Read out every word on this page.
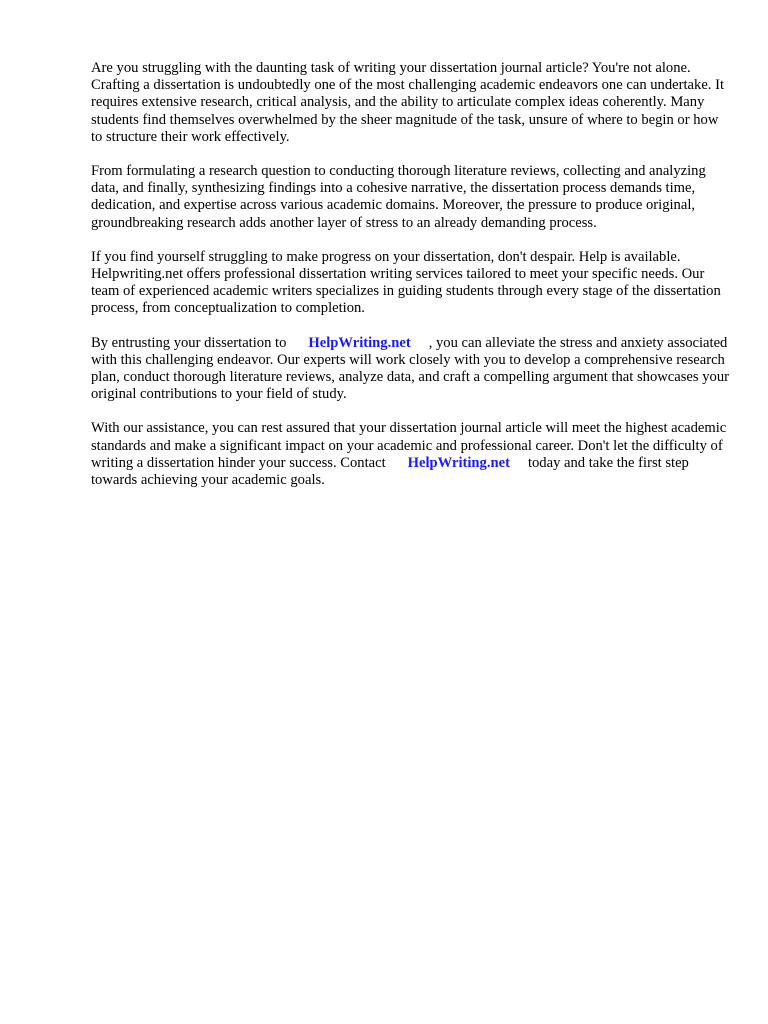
Are you struggling with the daunting task of writing your dissertation journal article? You're not alone. Crafting a dissertation is undoubtedly one of the most challenging academic endeavors one can undertake. It requires extensive research, critical analysis, and the ability to articulate complex ideas coherently. Many students find themselves overwhelmed by the sheer magnitude of the task, unsure of where to begin or how to structure their work effectively.

From formulating a research question to conducting thorough literature reviews, collecting and analyzing data, and finally, synthesizing findings into a cohesive narrative, the dissertation process demands time, dedication, and expertise across various academic domains. Moreover, the pressure to produce original, groundbreaking research adds another layer of stress to an already demanding process.

If you find yourself struggling to make progress on your dissertation, don't despair. Help is available. Helpwriting.net offers professional dissertation writing services tailored to meet your specific needs. Our team of experienced academic writers specializes in guiding students through every stage of the dissertation process, from conceptualization to completion.

By entrusting your dissertation to HelpWriting.net , you can alleviate the stress and anxiety associated with this challenging endeavor. Our experts will work closely with you to develop a comprehensive research plan, conduct thorough literature reviews, analyze data, and craft a compelling argument that showcases your original contributions to your field of study.

With our assistance, you can rest assured that your dissertation journal article will meet the highest academic standards and make a significant impact on your academic and professional career. Don't let the difficulty of writing a dissertation hinder your success. Contact HelpWriting.net today and take the first step towards achieving your academic goals.
